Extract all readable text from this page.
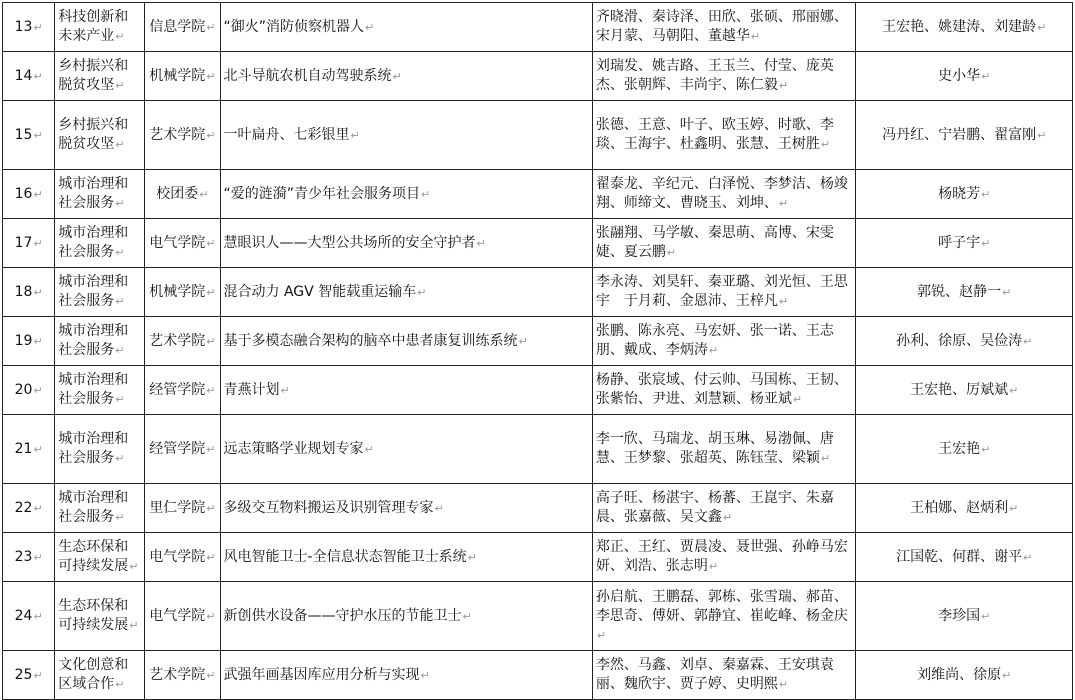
13↵	科技创新和未来产业↵	信息学院↵	“御火”消防侦察机器人↵	齐晓滑、秦诗泽、田欣、张硕、邢丽娜、宋月蒙、马朝阳、董越华↵	王宏艳、姚建涛、刘建龄↵
14↵	乡村振兴和脱贫攻坚↵	机械学院↵	北斗导航农机自动驾驶系统↵	刘瑞发、姚吉路、王玉兰、付莹、庞英杰、张朝辉、丰尚宇、陈仁毅↵	史小华↵
15↵	乡村振兴和脱贫攻坚↵	艺术学院↵	一叶扁舟、七彩银里↵	张德、王意、叶子、欧玉婷、时歌、李琰、王海宇、杜鑫明、张慧、王树胜↵	冯丹红、宁岩鹏、翟富刚↵
16↵	城市治理和社会服务↵	校团委↵	“爱的涟漪”青少年社会服务项目↵	翟泰龙、辛纪元、白泽悦、李梦洁、杨竣翔、师缔文、曹晓玉、刘坤、↵	杨晓芳↵
17↵	城市治理和社会服务↵	电气学院↵	慧眼识人——大型公共场所的安全守护者↵	张翮翔、马学敏、秦思萌、高博、宋雯婕、夏云鹏↵	呼子宇↵
18↵	城市治理和社会服务↵	机械学院↵	混合动力 AGV 智能载重运输车↵	李永涛、刘昊轩、秦亚璐、刘光恒、王思宇　于月莉、金恩沛、王梓凡↵	郭锐、赵静一↵
19↵	城市治理和社会服务↵	艺术学院↵	基于多模态融合架构的脑卒中患者康复训练系统↵	张鹏、陈永亮、马宏妍、张一诺、王志朋、戴成、李炳涛↵	孙利、徐原、吴俭涛↵
20↵	城市治理和社会服务↵	经管学院↵	青燕计划↵	杨静、张宸域、付云帅、马国栋、王韧、张紫怡、尹进、刘慧颖、杨亚斌↵	王宏艳、厉斌斌↵
21↵	城市治理和社会服务↵	经管学院↵	远志策略学业规划专家↵	李一欣、马瑞龙、胡玉琳、易渤佩、唐慧、王梦黎、张超英、陈钰莹、梁颖↵	王宏艳↵
22↵	城市治理和社会服务↵	里仁学院↵	多级交互物料搬运及识别管理专家↵	高子旺、杨湛宇、杨蕃、王崑宇、朱嘉晨、张嘉薇、吴文鑫↵	王柏娜、赵炳利↵
23↵	生态环保和可持续发展↵	电气学院↵	风电智能卫士-全信息状态智能卫士系统↵	郑正、王红、贾晨凌、聂世强、孙峥马宏妍、刘浩、张志明↵	江国乾、何群、谢平↵
24↵	生态环保和可持续发展↵	电气学院↵	新创供水设备——守护水压的节能卫士↵	孙启航、王鹏磊、郭栋、张雪瑞、郝苗、李思奇、傅妍、郭静宜、崔屹峰、杨金庆↵	李珍国↵
25↵	文化创意和区域合作↵	艺术学院↵	武强年画基因库应用分析与实现↵	李然、马鑫、刘卓、秦嘉霖、王安琪袁丽、魏欣宇、贾子婷、史明熙↵	刘维尚、徐原↵
